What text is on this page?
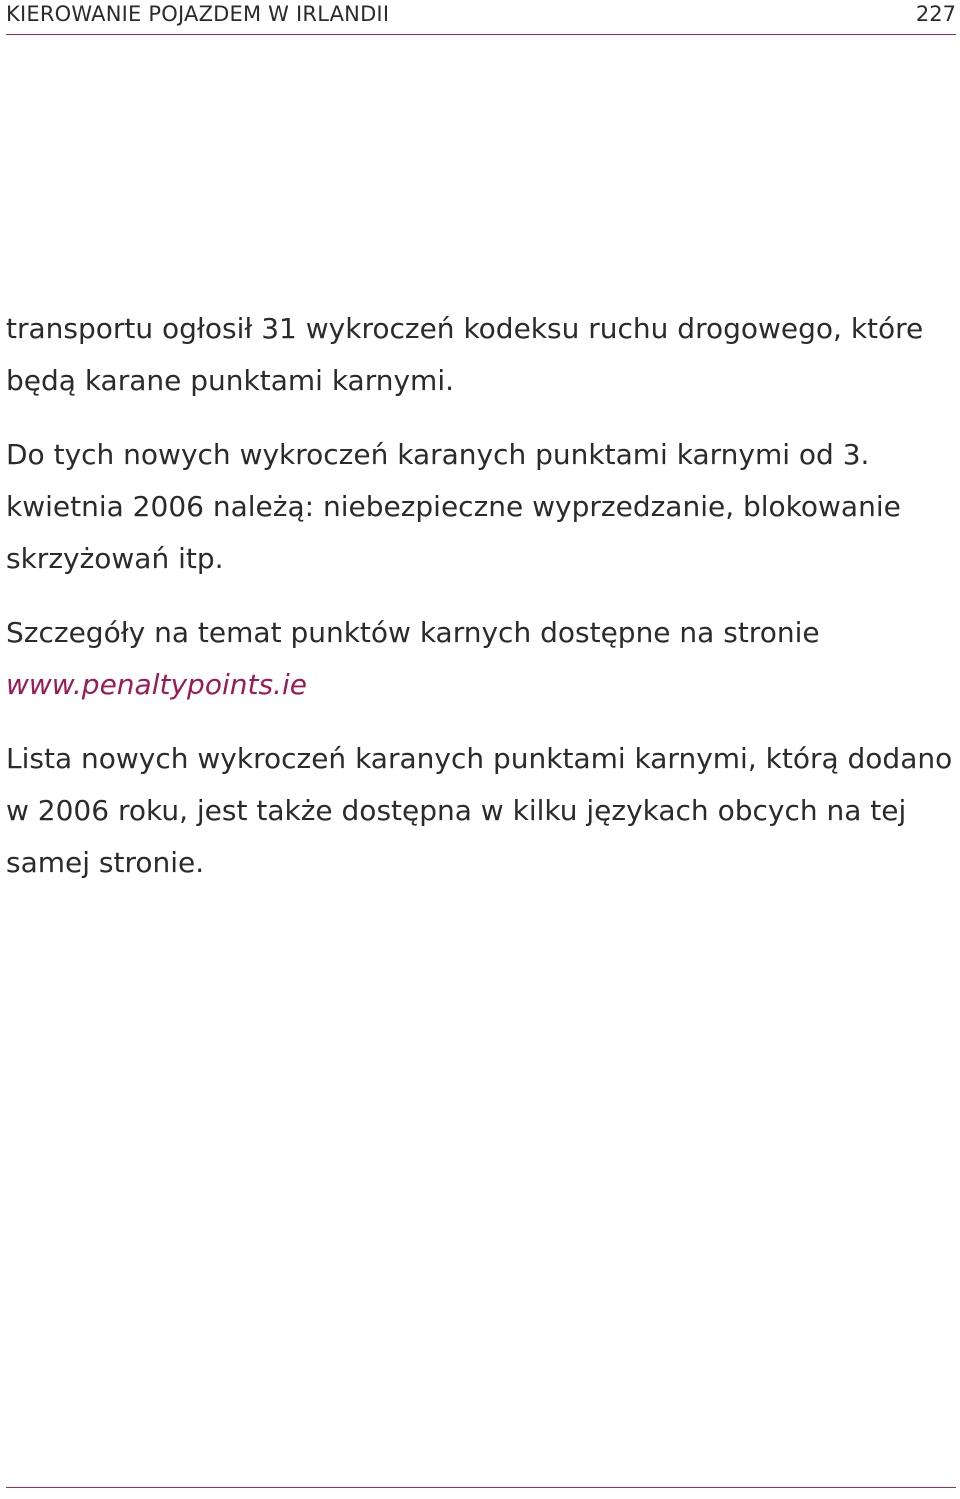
KIEROWANIE POJAZDEM W IRLANDII	227

transportu ogłosił 31 wykroczeń kodeksu ruchu drogowego, które
będą karane punktami karnymi.

Do tych nowych wykroczeń karanych punktami karnymi od 3.
kwietnia 2006 należą: niebezpieczne wyprzedzanie, blokowanie
skrzyżowań itp.

Szczegóły na temat punktów karnych dostępne na stronie
www.penaltypoints.ie

Lista nowych wykroczeń karanych punktami karnymi, którą dodano
w 2006 roku, jest także dostępna w kilku językach obcych na tej
samej stronie.
